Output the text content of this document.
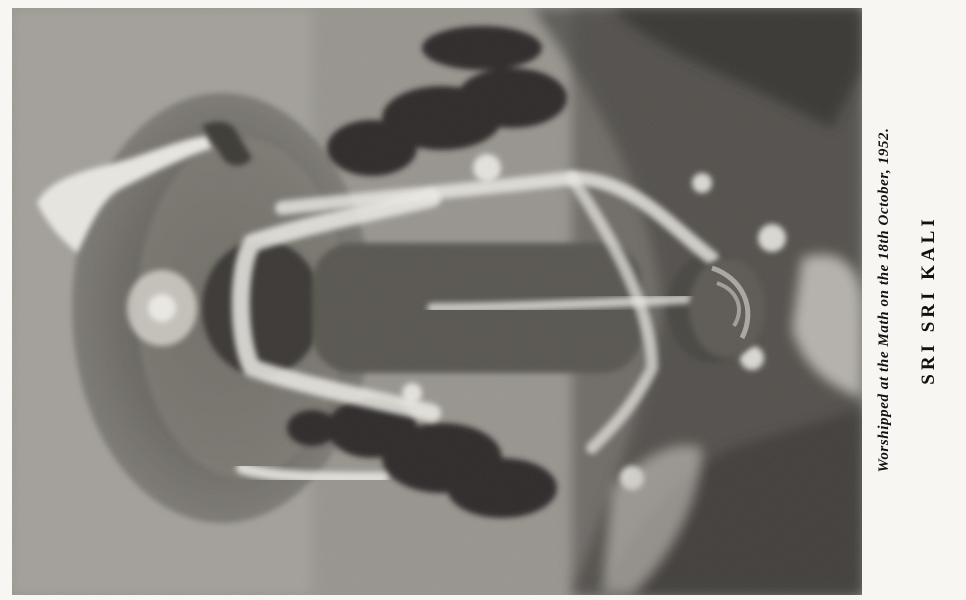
SRI SRI KALI
Worshipped at the Math on the 18th October, 1952.
